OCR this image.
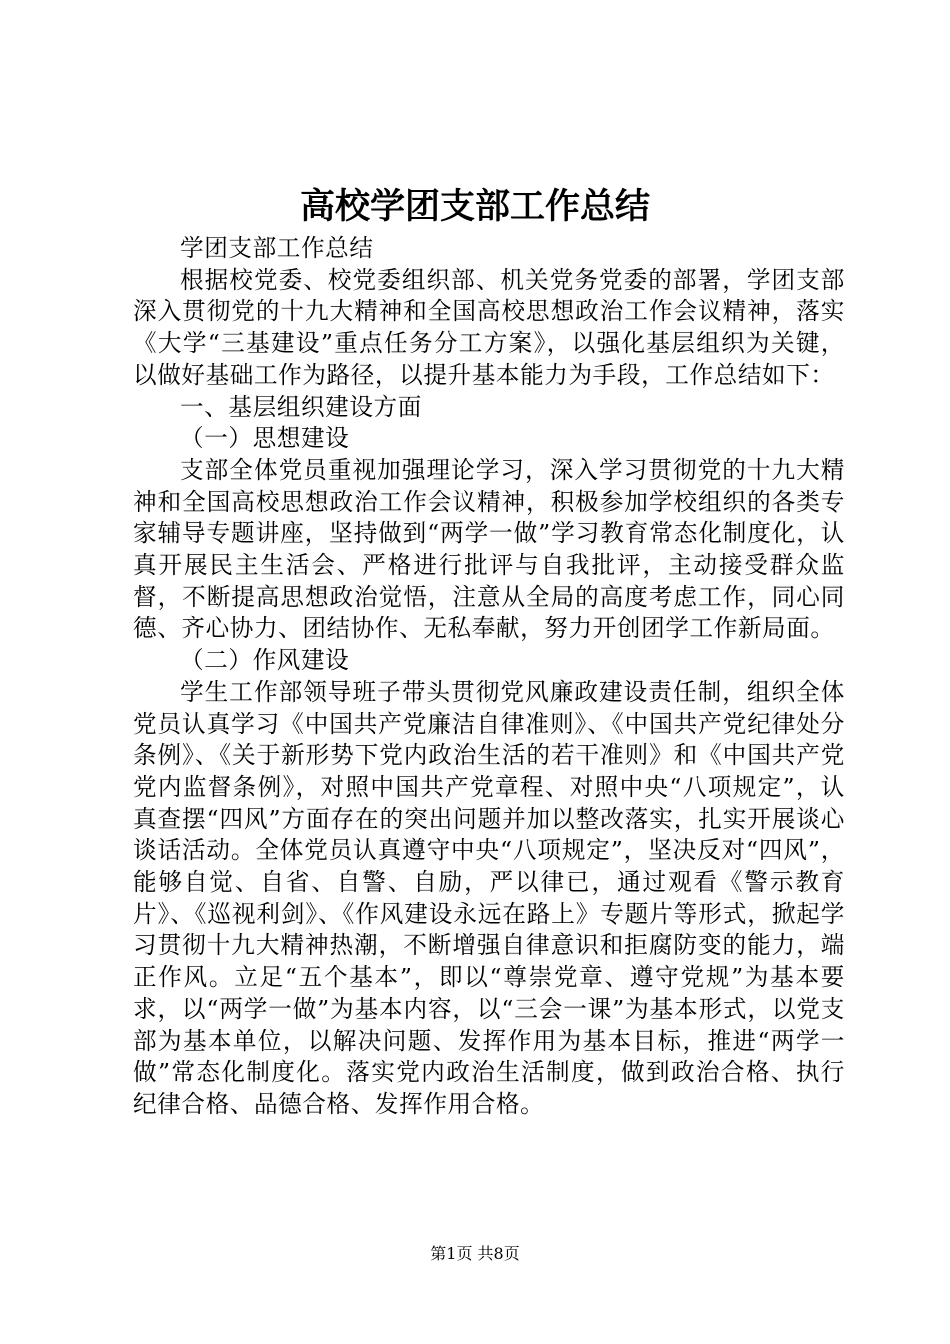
高校学团支部工作总结

学团支部工作总结

根据校党委、校党委组织部、机关党务党委的部署，学团支部深入贯彻党的十九大精神和全国高校思想政治工作会议精神，落实《大学“三基建设”重点任务分工方案》，以强化基层组织为关键，以做好基础工作为路径，以提升基本能力为手段，工作总结如下：

一、基层组织建设方面

（一）思想建设

支部全体党员重视加强理论学习，深入学习贯彻党的十九大精神和全国高校思想政治工作会议精神，积极参加学校组织的各类专家辅导专题讲座，坚持做到“两学一做”学习教育常态化制度化，认真开展民主生活会、严格进行批评与自我批评，主动接受群众监督，不断提高思想政治觉悟，注意从全局的高度考虑工作，同心同德、齐心协力、团结协作、无私奉献，努力开创团学工作新局面。

（二）作风建设

学生工作部领导班子带头贯彻党风廉政建设责任制，组织全体党员认真学习《中国共产党廉洁自律准则》、《中国共产党纪律处分条例》、《关于新形势下党内政治生活的若干准则》和《中国共产党党内监督条例》，对照中国共产党章程、对照中央“八项规定”，认真查摆“四风”方面存在的突出问题并加以整改落实，扎实开展谈心谈话活动。全体党员认真遵守中央“八项规定”，坚决反对“四风”，能够自觉、自省、自警、自励，严以律已，通过观看《警示教育片》、《巡视利剑》、《作风建设永远在路上》专题片等形式，掀起学习贯彻十九大精神热潮，不断增强自律意识和拒腐防变的能力，端正作风。立足“五个基本”，即以“尊崇党章、遵守党规”为基本要求，以“两学一做”为基本内容，以“三会一课”为基本形式，以党支部为基本单位，以解决问题、发挥作用为基本目标，推进“两学一做”常态化制度化。落实党内政治生活制度，做到政治合格、执行纪律合格、品德合格、发挥作用合格。

第1页 共8页
